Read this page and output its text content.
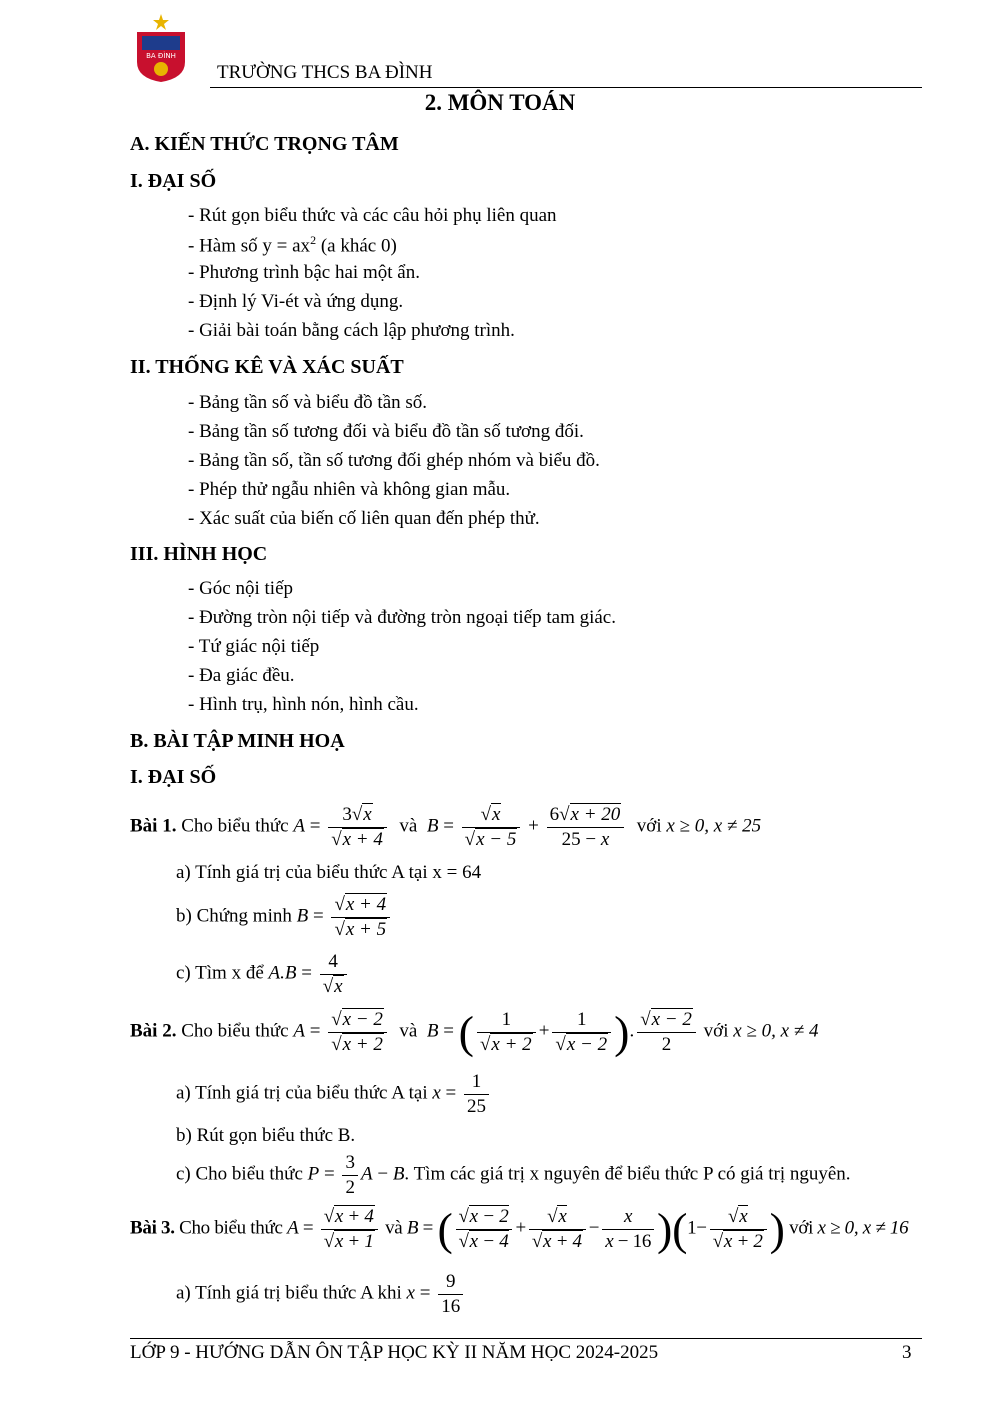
BA ĐÌNH
TRƯỜNG THCS BA ĐÌNH
2. MÔN TOÁN
A. KIẾN THỨC TRỌNG TÂM
I. ĐẠI SỐ
- Rút gọn biểu thức và các câu hỏi phụ liên quan
- Hàm số $y = ax^2$ (a khác 0)
- Phương trình bậc hai một ẩn.
- Định lý Vi-ét và ứng dụng.
- Giải bài toán bằng cách lập phương trình.
II. THỐNG KÊ VÀ XÁC SUẤT
- Bảng tần số và biểu đồ tần số.
- Bảng tần số tương đối và biểu đồ tần số tương đối.
- Bảng tần số, tần số tương đối ghép nhóm và biểu đồ.
- Phép thử ngẫu nhiên và không gian mẫu.
- Xác suất của biến cố liên quan đến phép thử.
III. HÌNH HỌC
- Góc nội tiếp
- Đường tròn nội tiếp và đường tròn ngoại tiếp tam giác.
- Tứ giác nội tiếp
- Đa giác đều.
- Hình trụ, hình nón, hình cầu.
B. BÀI TẬP MINH HOẠ
I. ĐẠI SỐ
Bài 1. Cho biểu thức $A = \frac{3√x}{√x + 4}$ và $B = \frac{√x}{√x - 5} + \frac{6√x + 20}{25 - x}$ với x ≥ 0, x ≠ 25
a) Tính giá trị của biểu thức A tại x = 64
b) Chứng minh $B = \frac{√x + 4}{√x + 5}$
c) Tìm x để $A.B = \frac{4}{√x}$
Bài 2. Cho biểu thức $A = \frac{√x - 2}{√x + 2}$ và B = ( $\frac{1}{√x + 2} + \frac{1}{√x - 2}$ ). $\frac{√x - 2}{2}$ với x ≥ 0, x ≠ 4
a) Tính giá trị của biểu thức A tại $x = \frac{1}{25}$
b) Rút gọn biểu thức B.
c) Cho biểu thức $P = \frac{3}{2}$ A − B. Tìm các giá trị x nguyên để biểu thức P có giá trị nguyên.
Bài 3. Cho biểu thức $A = \frac{√x + 4}{√x + 1}$ và B = ( $\frac{√x - 2}{√x - 4} + \frac{√x}{√x + 4} - \frac{x}{x - 16} )(1- \frac{√x}{√x + 2}$ ) với x ≥ 0, x ≠ 16
a) Tính giá trị biểu thức A khi $x = \frac{9}{16}$
LỚP 9 - HƯỚNG DẪN ÔN TẬP HỌC KỲ II NĂM HỌC 2024-2025	3
